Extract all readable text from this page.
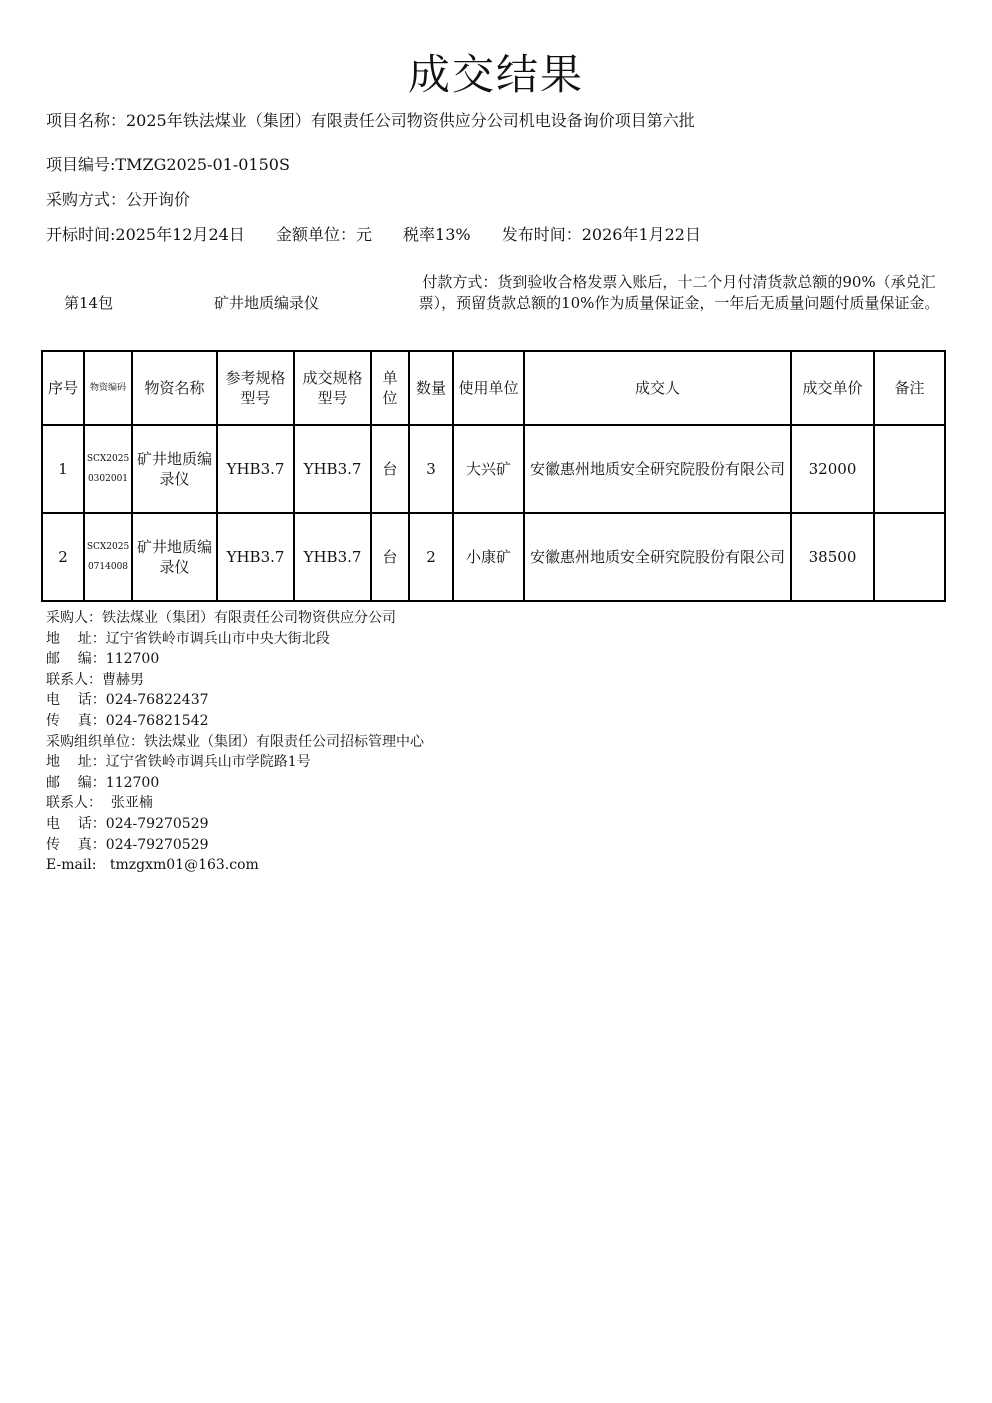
成交结果
项目名称：2025年铁法煤业（集团）有限责任公司物资供应分公司机电设备询价项目第六批
项目编号:TMZG2025-01-0150S
采购方式：公开询价
开标时间:2025年12月24日 金额单位：元 税率13% 发布时间：2026年1月22日
第14包	矿井地质编录仪
付款方式：货到验收合格发票入账后，十二个月付清货款总额的90%（承兑汇票），预留货款总额的10%作为质量保证金，一年后无质量问题付质量保证金。
序号	物资编码	物资名称	参考规格型号	成交规格型号	单位	数量	使用单位	成交人	成交单价	备注
1	SCX20250302001	矿井地质编录仪	YHB3.7	YHB3.7	台	3	大兴矿	安徽惠州地质安全研究院股份有限公司	32000	
2	SCX20250714008	矿井地质编录仪	YHB3.7	YHB3.7	台	2	小康矿	安徽惠州地质安全研究院股份有限公司	38500	
采购人：铁法煤业（集团）有限责任公司物资供应分公司
地    址：辽宁省铁岭市调兵山市中央大街北段
邮    编：112700
联系人：曹赫男
电    话：024-76822437
传    真：024-76821542
采购组织单位：铁法煤业（集团）有限责任公司招标管理中心
地    址：辽宁省铁岭市调兵山市学院路1号
邮    编：112700
联系人：  张亚楠
电    话：024-79270529
传    真：024-79270529
E-mail:   tmzgxm01@163.com
